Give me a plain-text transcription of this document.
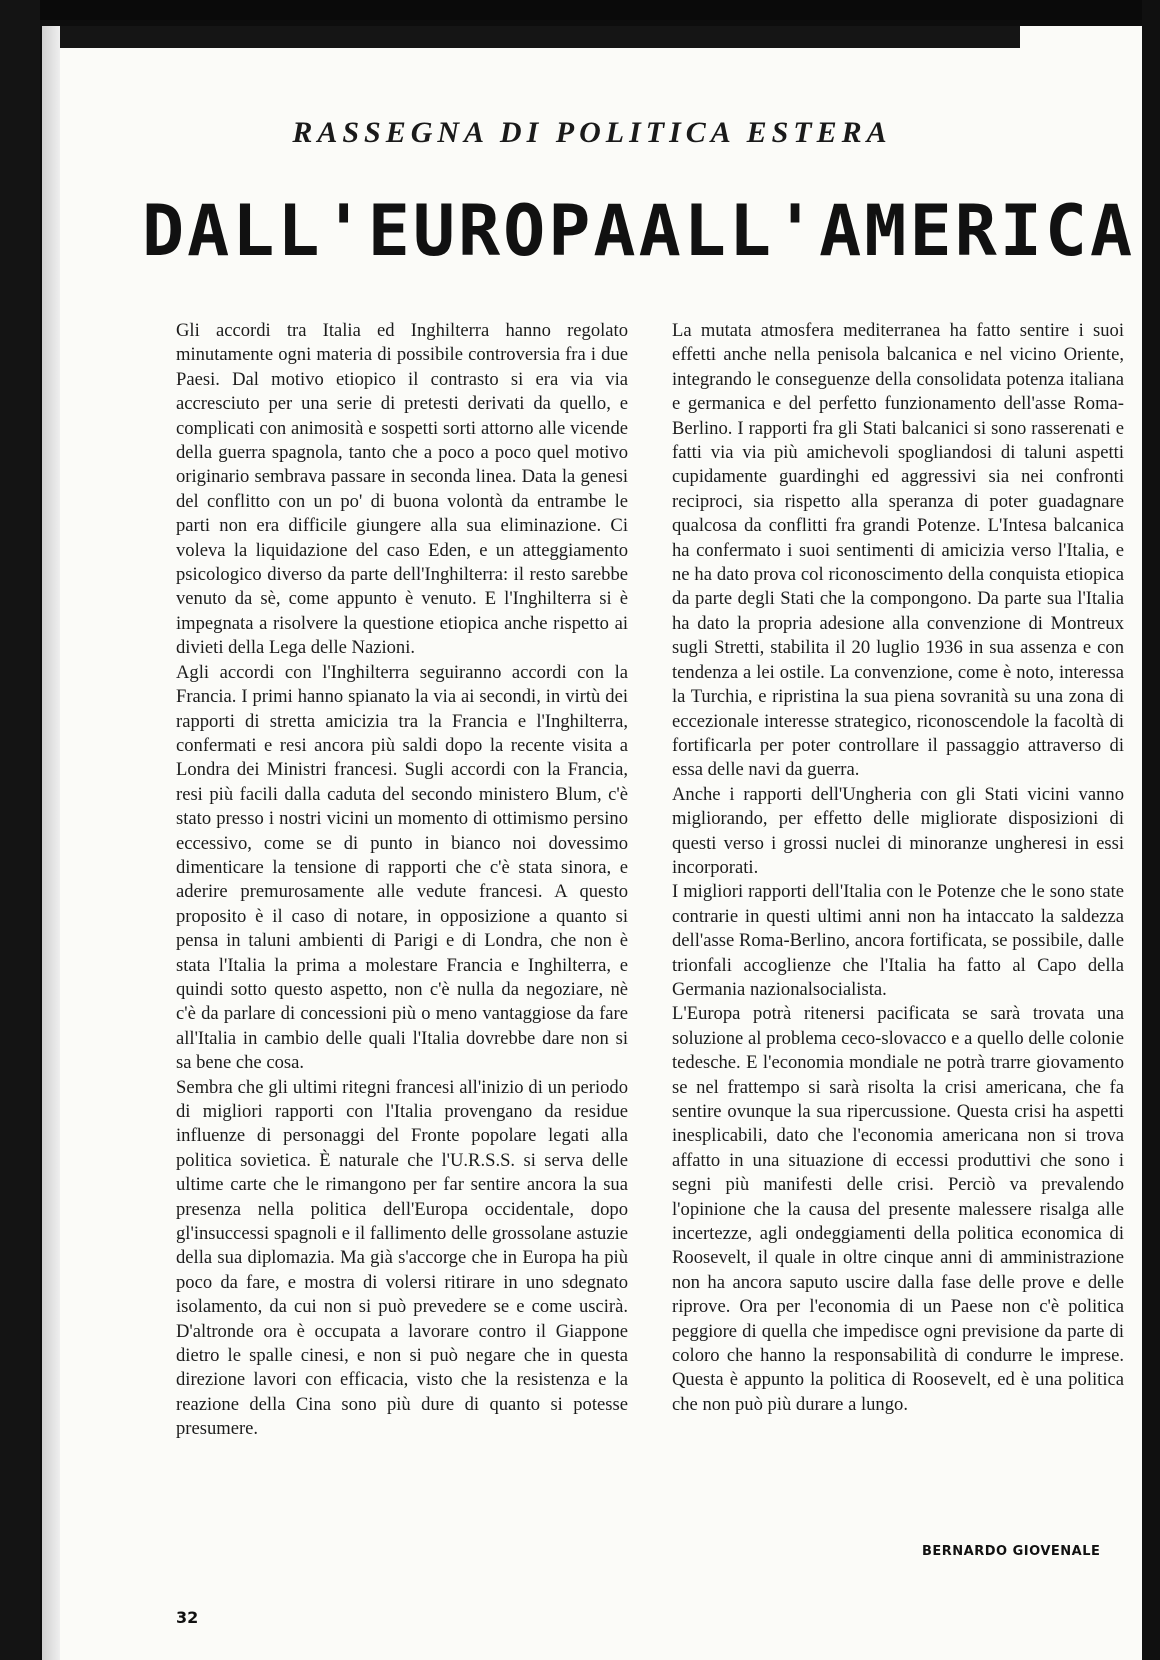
RASSEGNA DI POLITICA ESTERA
DALL'EUROPA ALL'AMERICA

Gli accordi tra Italia ed Inghilterra hanno regolato minutamente ogni materia di possibile controversia fra i due Paesi. Dal motivo etiopico il contrasto si era via via accresciuto per una serie di pretesti derivati da quello, e complicati con animosità e sospetti sorti attorno alle vicende della guerra spagnola, tanto che a poco a poco quel motivo originario sembrava passare in seconda linea. Data la genesi del conflitto con un po' di buona volontà da entrambe le parti non era difficile giungere alla sua eliminazione. Ci voleva la liquidazione del caso Eden, e un atteggiamento psicologico diverso da parte dell'Inghilterra: il resto sarebbe venuto da sè, come appunto è venuto. E l'Inghilterra si è impegnata a risolvere la questione etiopica anche rispetto ai divieti della Lega delle Nazioni.

Agli accordi con l'Inghilterra seguiranno accordi con la Francia. I primi hanno spianato la via ai secondi, in virtù dei rapporti di stretta amicizia tra la Francia e l'Inghilterra, confermati e resi ancora più saldi dopo la recente visita a Londra dei Ministri francesi. Sugli accordi con la Francia, resi più facili dalla caduta del secondo ministero Blum, c'è stato presso i nostri vicini un momento di ottimismo persino eccessivo, come se di punto in bianco noi dovessimo dimenticare la tensione di rapporti che c'è stata sinora, e aderire premurosamente alle vedute francesi. A questo proposito è il caso di notare, in opposizione a quanto si pensa in taluni ambienti di Parigi e di Londra, che non è stata l'Italia la prima a molestare Francia e Inghilterra, e quindi sotto questo aspetto, non c'è nulla da negoziare, nè c'è da parlare di concessioni più o meno vantaggiose da fare all'Italia in cambio delle quali l'Italia dovrebbe dare non si sa bene che cosa.

Sembra che gli ultimi ritegni francesi all'inizio di un periodo di migliori rapporti con l'Italia provengano da residue influenze di personaggi del Fronte popolare legati alla politica sovietica. È naturale che l'U.R.S.S. si serva delle ultime carte che le rimangono per far sentire ancora la sua presenza nella politica dell'Europa occidentale, dopo gl'insuccessi spagnoli e il fallimento delle grossolane astuzie della sua diplomazia. Ma già s'accorge che in Europa ha più poco da fare, e mostra di volersi ritirare in uno sdegnato isolamento, da cui non si può prevedere se e come uscirà. D'altronde ora è occupata a lavorare contro il Giappone dietro le spalle cinesi, e non si può negare che in questa direzione lavori con efficacia, visto che la resistenza e la reazione della Cina sono più dure di quanto si potesse presumere.

La mutata atmosfera mediterranea ha fatto sentire i suoi effetti anche nella penisola balcanica e nel vicino Oriente, integrando le conseguenze della consolidata potenza italiana e germanica e del perfetto funzionamento dell'asse Roma-Berlino. I rapporti fra gli Stati balcanici si sono rasserenati e fatti via via più amichevoli spogliandosi di taluni aspetti cupidamente guardinghi ed aggressivi sia nei confronti reciproci, sia rispetto alla speranza di poter guadagnare qualcosa da conflitti fra grandi Potenze. L'Intesa balcanica ha confermato i suoi sentimenti di amicizia verso l'Italia, e ne ha dato prova col riconoscimento della conquista etiopica da parte degli Stati che la compongono. Da parte sua l'Italia ha dato la propria adesione alla convenzione di Montreux sugli Stretti, stabilita il 20 luglio 1936 in sua assenza e con tendenza a lei ostile. La convenzione, come è noto, interessa la Turchia, e ripristina la sua piena sovranità su una zona di eccezionale interesse strategico, riconoscendole la facoltà di fortificarla per poter controllare il passaggio attraverso di essa delle navi da guerra.

Anche i rapporti dell'Ungheria con gli Stati vicini vanno migliorando, per effetto delle migliorate disposizioni di questi verso i grossi nuclei di minoranze ungheresi in essi incorporati.

I migliori rapporti dell'Italia con le Potenze che le sono state contrarie in questi ultimi anni non ha intaccato la saldezza dell'asse Roma-Berlino, ancora fortificata, se possibile, dalle trionfali accoglienze che l'Italia ha fatto al Capo della Germania nazionalsocialista.

L'Europa potrà ritenersi pacificata se sarà trovata una soluzione al problema ceco-slovacco e a quello delle colonie tedesche. E l'economia mondiale ne potrà trarre giovamento se nel frattempo si sarà risolta la crisi americana, che fa sentire ovunque la sua ripercussione. Questa crisi ha aspetti inesplicabili, dato che l'economia americana non si trova affatto in una situazione di eccessi produttivi che sono i segni più manifesti delle crisi. Perciò va prevalendo l'opinione che la causa del presente malessere risalga alle incertezze, agli ondeggiamenti della politica economica di Roosevelt, il quale in oltre cinque anni di amministrazione non ha ancora saputo uscire dalla fase delle prove e delle riprove. Ora per l'economia di un Paese non c'è politica peggiore di quella che impedisce ogni previsione da parte di coloro che hanno la responsabilità di condurre le imprese. Questa è appunto la politica di Roosevelt, ed è una politica che non può più durare a lungo.

BERNARDO GIOVENALE
32
